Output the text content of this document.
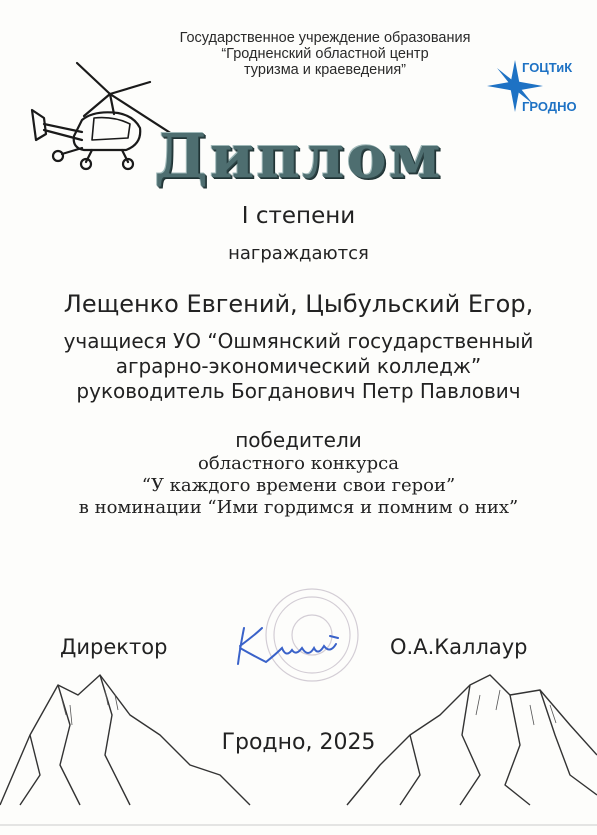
Государственное учреждение образования
“Гродненский областной центр
туризма и краеведения”	ГОЦТиК
ГРОДНО
Диплом
I степени
награждаются
Лещенко Евгений, Цыбульский Егор,
учащиеся УО “Ошмянский государственный
аграрно-экономический колледж”
руководитель Богданович Петр Павлович
победители
областного конкурса
“У каждого времени свои герои”
в номинации “Ими гордимся и помним о них”
Директор	О.А.Каллаур
Гродно, 2025
